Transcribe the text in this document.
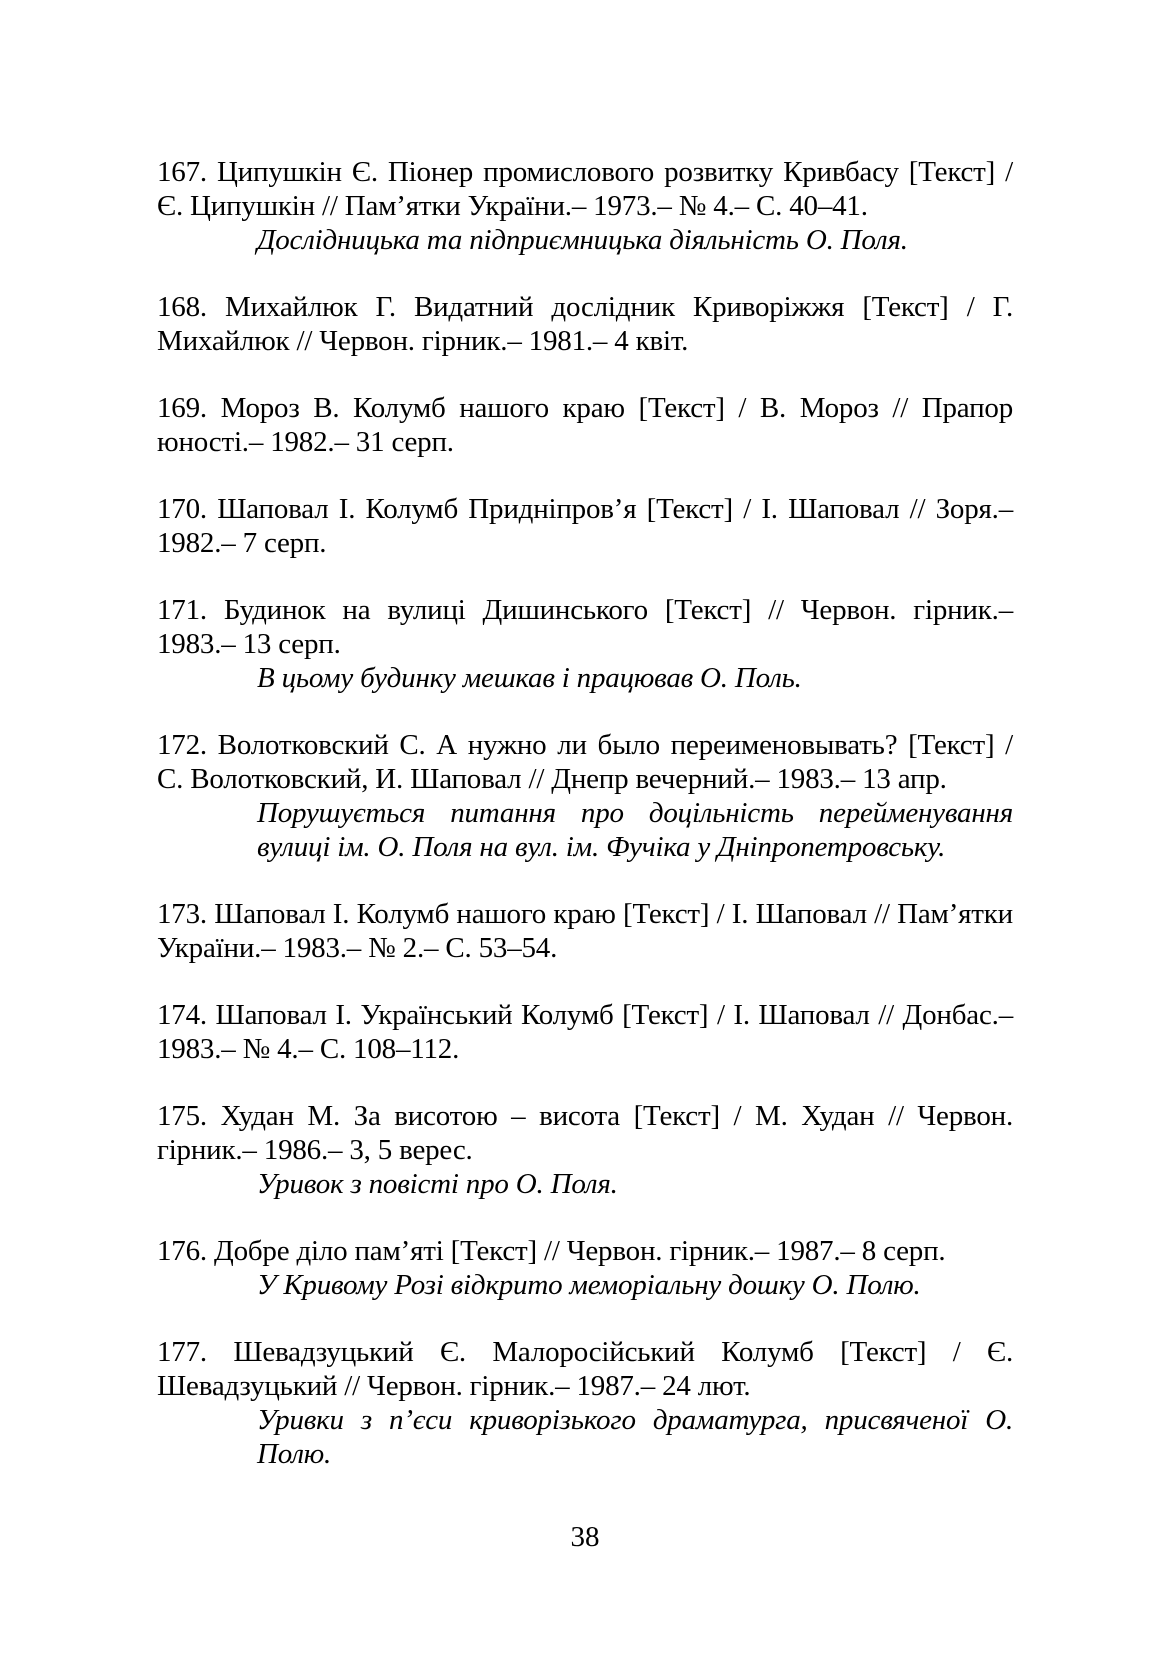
167. Ципушкін Є. Піонер промислового розвитку Кривбасу [Текст] / Є. Ципушкін // Пам’ятки України.– 1973.– № 4.– С. 40–41.
Дослідницька та підприємницька діяльність О. Поля.
168. Михайлюк Г. Видатний дослідник Криворіжжя [Текст] / Г. Михайлюк // Червон. гірник.– 1981.– 4 квіт.
169. Мороз В. Колумб нашого краю [Текст] / В. Мороз // Прапор юності.– 1982.– 31 серп.
170. Шаповал І. Колумб Придніпров’я [Текст] / І. Шаповал // Зоря.– 1982.– 7 серп.
171. Будинок на вулиці Дишинського [Текст] // Червон. гірник.– 1983.– 13 серп.
В цьому будинку мешкав і працював О. Поль.
172. Волотковский С. А нужно ли было переименовывать? [Текст] / С. Волотковский, И. Шаповал // Днепр вечерний.– 1983.– 13 апр.
Порушується питання про доцільність перейменування вулиці ім. О. Поля на вул. ім. Фучіка у Дніпропетровську.
173. Шаповал І. Колумб нашого краю [Текст] / І. Шаповал // Пам’ятки України.– 1983.– № 2.– С. 53–54.
174. Шаповал І. Український Колумб [Текст] / І. Шаповал // Донбас.– 1983.– № 4.– С. 108–112.
175. Худан М. За висотою – висота [Текст] / М. Худан // Червон. гірник.– 1986.– 3, 5 верес.
Уривок з повісті про О. Поля.
176. Добре діло пам’яті [Текст] // Червон. гірник.– 1987.– 8 серп.
У Кривому Розі відкрито меморіальну дошку О. Полю.
177. Шевадзуцький Є. Малоросійський Колумб [Текст] / Є. Шевадзуцький // Червон. гірник.– 1987.– 24 лют.
Уривки з п’єси криворізького драматурга, присвяченої О. Полю.
38
